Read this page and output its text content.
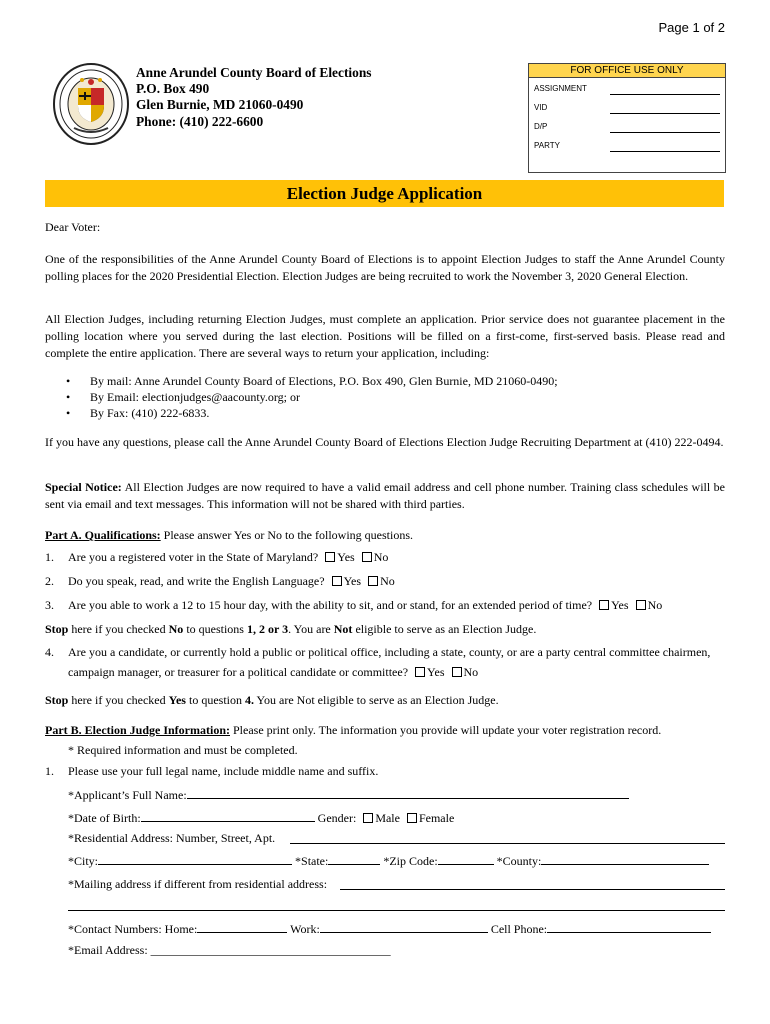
Page 1 of 2
Anne Arundel County Board of Elections
P.O. Box 490
Glen Burnie, MD 21060-0490
Phone: (410) 222-6600
FOR OFFICE USE ONLY
ASSIGNMENT
VID
D/P
PARTY
Election Judge Application
Dear Voter:
One of the responsibilities of the Anne Arundel County Board of Elections is to appoint Election Judges to staff the Anne Arundel County polling places for the 2020 Presidential Election. Election Judges are being recruited to work the November 3, 2020 General Election.
All Election Judges, including returning Election Judges, must complete an application. Prior service does not guarantee placement in the polling location where you served during the last election. Positions will be filled on a first-come, first-served basis. Please read and complete the entire application. There are several ways to return your application, including:
• By mail: Anne Arundel County Board of Elections, P.O. Box 490, Glen Burnie, MD 21060-0490;
• By Email: electionjudges@aacounty.org; or
• By Fax: (410) 222-6833.
If you have any questions, please call the Anne Arundel County Board of Elections Election Judge Recruiting Department at (410) 222-0494.
Special Notice: All Election Judges are now required to have a valid email address and cell phone number. Training class schedules will be sent via email and text messages. This information will not be shared with third parties.
Part A. Qualifications: Please answer Yes or No to the following questions.
1. Are you a registered voter in the State of Maryland? Yes No
2. Do you speak, read, and write the English Language? Yes No
3. Are you able to work a 12 to 15 hour day, with the ability to sit, and or stand, for an extended period of time? Yes No
Stop here if you checked No to questions 1, 2 or 3. You are Not eligible to serve as an Election Judge.
4. Are you a candidate, or currently hold a public or political office, including a state, county, or are a party central committee chairmen,
campaign manager, or treasurer for a political candidate or committee? Yes No
Stop here if you checked Yes to question 4. You are Not eligible to serve as an Election Judge.
Part B. Election Judge Information: Please print only. The information you provide will update your voter registration record.
* Required information and must be completed.
1. Please use your full legal name, include middle name and suffix.
*Applicant’s Full Name:
*Date of Birth:	Gender: Male Female
*Residential Address: Number, Street, Apt.
*City:	*State:	*Zip Code:	*County:
*Mailing address if different from residential address:
*Contact Numbers: Home:	Work:	Cell Phone:
*Email Address: ________________________________________
